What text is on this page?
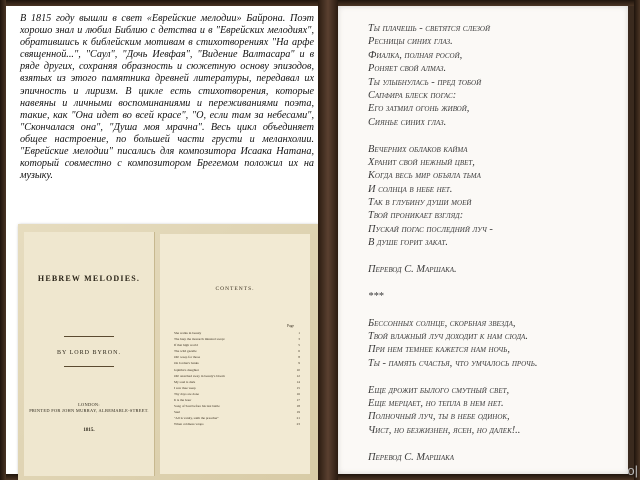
В 1815 году вышли в свет «Еврейские мелодии» Байрона. Поэт хорошо знал и любил Библию с детства и в "Еврейских мелодиях", обратившись к библейским мотивам в стихотворениях "На арфе священной...", "Саул", "Дочь Иевфая", "Видение Валтасара" и в ряде других, сохраняя образность и сюжетную основу эпизодов, взятых из этого памятника древней литературы, передавал их эпичность и лиризм. В цикле есть стихотворения, которые навеяны и личными воспоминаниями и переживаниями поэта, такие, как "Она идет во всей красе", "О, если там за небесами", "Скончалася она", "Душа моя мрачна". Весь цикл объединяет общее настроение, по большей части грусти и меланхолии. "Еврейские мелодии" писались для композитора Исаака Натана, который совместно с композитором Брегемом положил их на музыку.

HEBREW MELODIES.
BY LORD BYRON.
LONDON:
PRINTED FOR JOHN MURRAY, ALBEMARLE-STREET.
1815.
CONTENTS.
Page
She walks in beauty	1
The harp the monarch minstrel swept	3
If that high world	5
The wild gazelle	6
Oh! weep for those	8
On Jordan's banks	9
Jephtha's daughter	10
Oh! snatched away in beauty's bloom	12
My soul is dark	14
I saw thee weep	15
Thy days are done	16
It is the hour	17
Song of Saul before his last battle	18
Saul	19
"All is vanity, saith the preacher"	21
When coldness wraps	23
Ты плачешь - светятся слезой
Ресницы синих глаз.
Фиалка, полная росой,
Роняет свой алмаз.
Ты улыбнулась - пред тобой
Сапфира блеск погас:
Его затмил огонь живой,
Сиянье синих глаз.
Вечерних облаков кайма
Хранит свой нежный цвет,
Когда весь мир объяла тьма
И солнца в небе нет.
Так в глубину души моей
Твой проникает взгляд:
Пускай погас последний луч -
В душе горит закат.
Перевод С. Маршака.
***
Бессонных солнце, скорбная звезда,
Твой влажный луч доходит к нам сюда.
При нем темнее кажется нам ночь,
Ты - память счастья, что умчалось прочь.
Еще дрожит былого смутный свет,
Еще мерцает, но тепла в нем нет.
Полночный луч, ты в небе одинок,
Чист, но безжизнен, ясен, но далек!..
Перевод С. Маршака
o|
